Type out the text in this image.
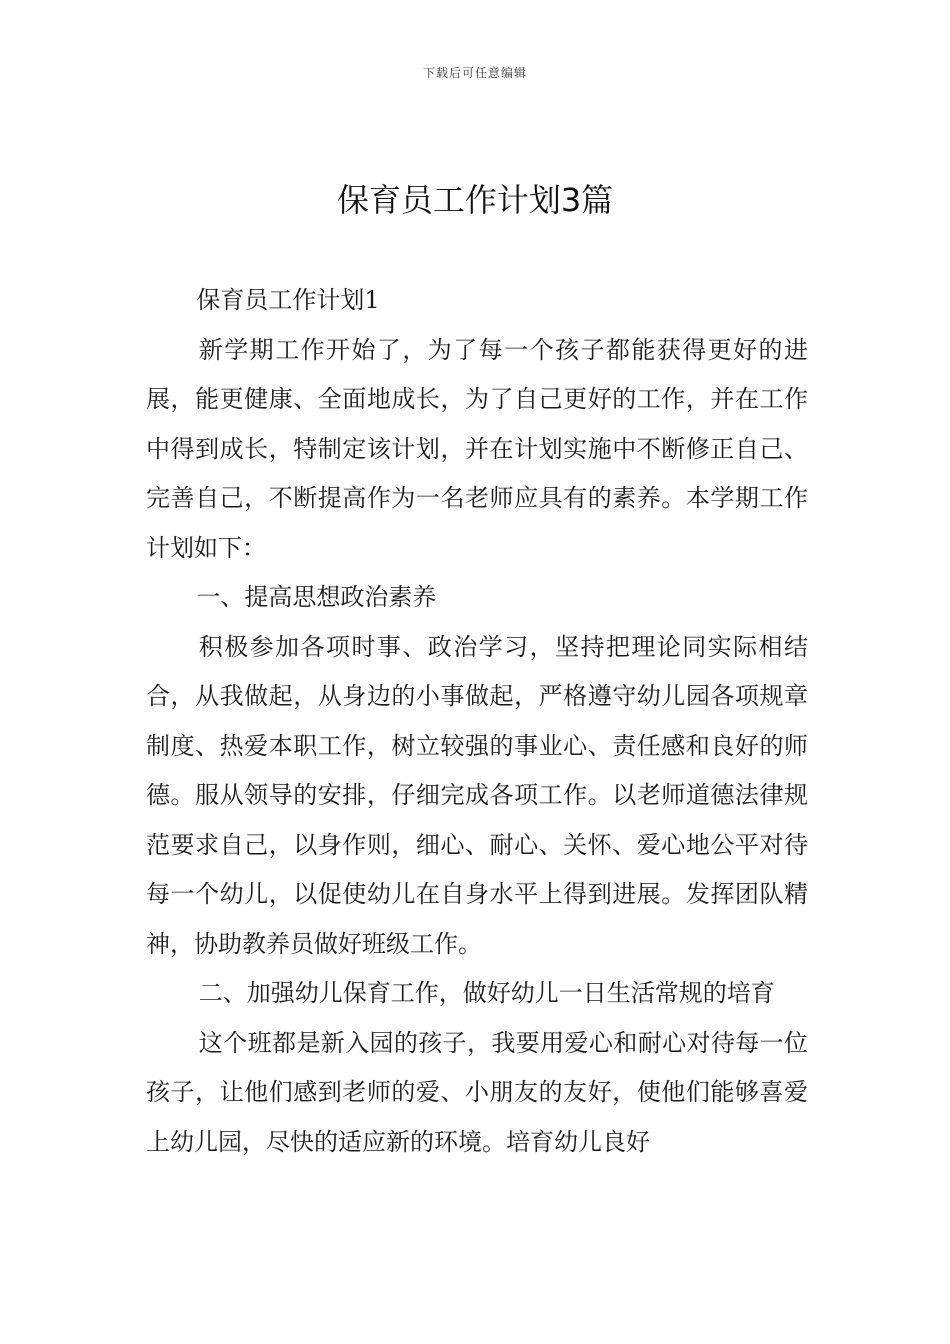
下载后可任意编辑
保育员工作计划3篇

保育员工作计划1

新学期工作开始了，为了每一个孩子都能获得更好的进展，能更健康、全面地成长，为了自己更好的工作，并在工作中得到成长，特制定该计划，并在计划实施中不断修正自己、完善自己，不断提高作为一名老师应具有的素养。本学期工作计划如下：

一、提高思想政治素养

积极参加各项时事、政治学习，坚持把理论同实际相结合，从我做起，从身边的小事做起，严格遵守幼儿园各项规章制度、热爱本职工作，树立较强的事业心、责任感和良好的师德。服从领导的安排，仔细完成各项工作。以老师道德法律规范要求自己，以身作则，细心、耐心、关怀、爱心地公平对待每一个幼儿，以促使幼儿在自身水平上得到进展。发挥团队精神，协助教养员做好班级工作。

二、加强幼儿保育工作，做好幼儿一日生活常规的培育

这个班都是新入园的孩子，我要用爱心和耐心对待每一位孩子，让他们感到老师的爱、小朋友的友好，使他们能够喜爱上幼儿园，尽快的适应新的环境。培育幼儿良好
